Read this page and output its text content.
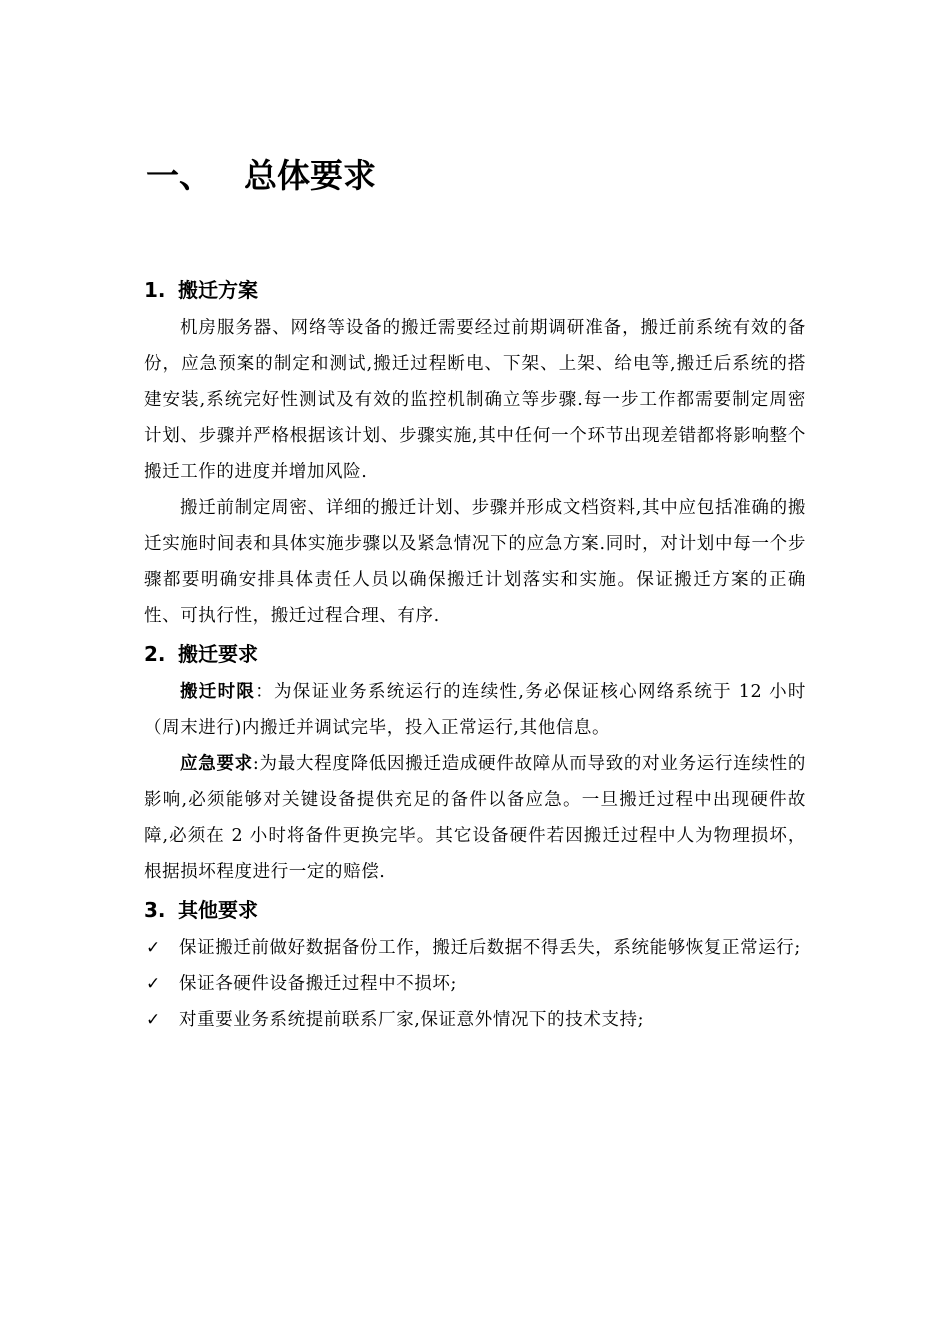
一、 总体要求
1. 搬迁方案

机房服务器、网络等设备的搬迁需要经过前期调研准备，搬迁前系统有效的备份，应急预案的制定和测试,搬迁过程断电、下架、上架、给电等,搬迁后系统的搭建安装,系统完好性测试及有效的监控机制确立等步骤.每一步工作都需要制定周密计划、步骤并严格根据该计划、步骤实施,其中任何一个环节出现差错都将影响整个搬迁工作的进度并增加风险.

搬迁前制定周密、详细的搬迁计划、步骤并形成文档资料,其中应包括准确的搬迁实施时间表和具体实施步骤以及紧急情况下的应急方案.同时，对计划中每一个步骤都要明确安排具体责任人员以确保搬迁计划落实和实施。保证搬迁方案的正确性、可执行性，搬迁过程合理、有序.

2. 搬迁要求

搬迁时限：为保证业务系统运行的连续性,务必保证核心网络系统于 12 小时（周末进行)内搬迁并调试完毕，投入正常运行,其他信息。

应急要求:为最大程度降低因搬迁造成硬件故障从而导致的对业务运行连续性的影响,必须能够对关键设备提供充足的备件以备应急。一旦搬迁过程中出现硬件故障,必须在 2 小时将备件更换完毕。其它设备硬件若因搬迁过程中人为物理损坏，根据损坏程度进行一定的赔偿.

3. 其他要求
✓ 保证搬迁前做好数据备份工作，搬迁后数据不得丢失，系统能够恢复正常运行;
✓ 保证各硬件设备搬迁过程中不损坏;
✓ 对重要业务系统提前联系厂家,保证意外情况下的技术支持;
